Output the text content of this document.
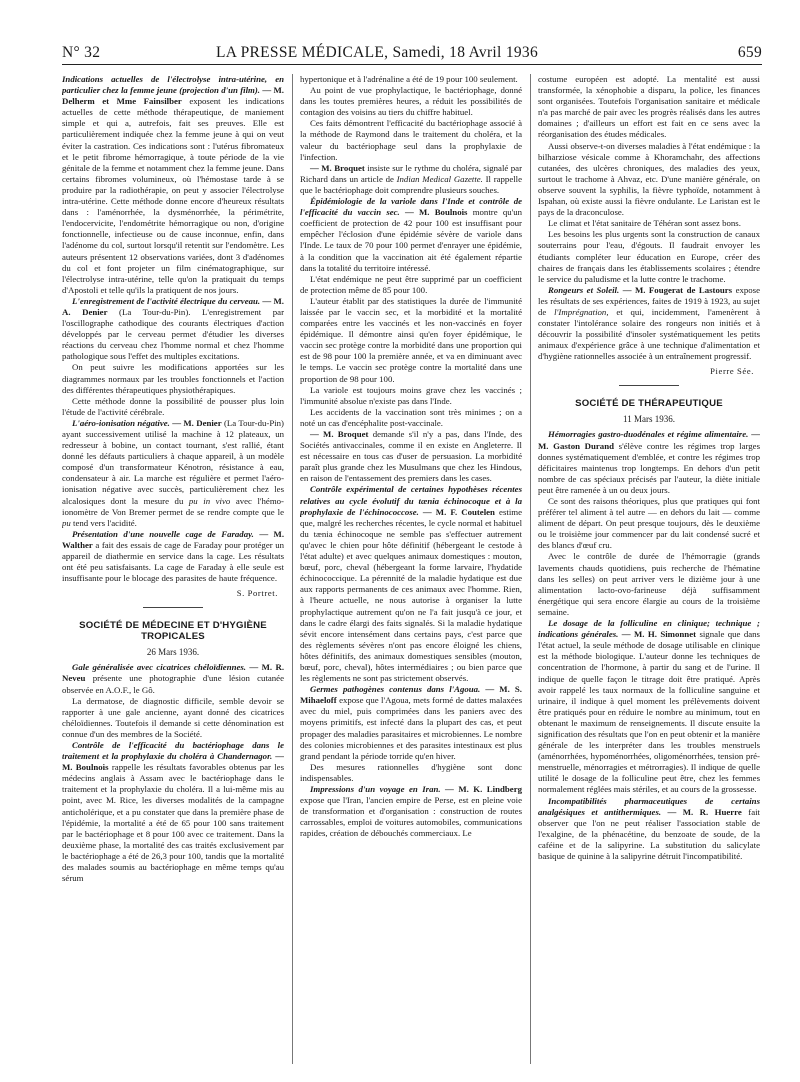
N° 32	LA PRESSE MÉDICALE, Samedi, 18 Avril 1936	659

Indications actuelles de l'électrolyse intra-utérine, en particulier chez la femme jeune (projection d'un film). — M. Delherm et Mme Fainsilber exposent les indications actuelles de cette méthode thérapeutique, de maniement simple et qui a, autrefois, fait ses preuves. Elle est particulièrement indiquée chez la femme jeune à qui on veut éviter la castration. Ces indications sont : l'utérus fibromateux et le petit fibrome hémorragique, à toute période de la vie génitale de la femme et notamment chez la femme jeune. Dans certains fibromes volumineux, où l'hémostase tarde à se produire par la radiothérapie, on peut y associer l'électrolyse intra-utérine. Cette méthode donne encore d'heureux résultats dans : l'aménorrhée, la dysménorrhée, la périmétrite, l'endocervicite, l'endométrite hémorragique ou non, d'origine fonctionnelle, infectieuse ou de cause inconnue, enfin, dans l'adénome du col, surtout lorsqu'il retentit sur l'endomètre. Les auteurs présentent 12 observations variées, dont 3 d'adénomes du col et font projeter un film cinématographique, sur l'électrolyse intra-utérine, telle qu'on la pratiquait du temps d'Apostoli et telle qu'ils la pratiquent de nos jours.

L'enregistrement de l'activité électrique du cerveau. — M. A. Denier (La Tour-du-Pin). L'enregistrement par l'oscillographe cathodique des courants électriques d'action développés par le cerveau permet d'étudier les diverses réactions du cerveau chez l'homme normal et chez l'homme pathologique sous l'effet des multiples excitations.

On peut suivre les modifications apportées sur les diagrammes normaux par les troubles fonctionnels et l'action des différentes thérapeutiques physiothérapiques.

Cette méthode donne la possibilité de pousser plus loin l'étude de l'activité cérébrale.

L'aéro-ionisation négative. — M. Denier (La Tour-du-Pin) ayant successivement utilisé la machine à 12 plateaux, un redresseur à bobine, un contact tournant, s'est rallié, étant donné les défauts particuliers à chaque appareil, à un modèle composé d'un transformateur Kénotron, résistance à eau, condensateur à air. La marche est régulière et permet l'aéro-ionisation négative avec succès, particulièrement chez les alcalosiques dont la mesure du pu in vivo avec l'hémo-ionomètre de Von Bremer permet de se rendre compte que le pu tend vers l'acidité.

Présentation d'une nouvelle cage de Faraday. — M. Walther a fait des essais de cage de Faraday pour protéger un appareil de diathermie en service dans la cage. Les résultats ont été peu satisfaisants. La cage de Faraday à elle seule est insuffisante pour le blocage des parasites de haute fréquence.

S. Portret.
SOCIÉTÉ DE MÉDECINE ET D'HYGIÈNE TROPICALES
26 Mars 1936.

Gale généralisée avec cicatrices chéloïdiennes. — M. R. Neveu présente une photographie d'une lésion cutanée observée en A.O.F., le Gô.

La dermatose, de diagnostic difficile, semble devoir se rapporter à une gale ancienne, ayant donné des cicatrices chéloïdiennes. Toutefois il demande si cette dénomination est connue d'un des membres de la Société.

Contrôle de l'efficacité du bactériophage dans le traitement et la prophylaxie du choléra à Chandernagor. — M. Boulnois rappelle les résultats favorables obtenus par les médecins anglais à Assam avec le bactériophage dans le traitement et la prophylaxie du choléra. Il a lui-même mis au point, avec M. Rice, les diverses modalités de la campagne anticholérique, et a pu constater que dans la première phase de l'épidémie, la mortalité a été de 65 pour 100 sans traitement par le bactériophage et 8 pour 100 avec ce traitement. Dans la deuxième phase, la mortalité des cas traités exclusivement par le bactériophage a été de 26,3 pour 100, tandis que la mortalité des malades soumis au bactériophage en même temps qu'au sérum

hypertonique et à l'adrénaline a été de 19 pour 100 seulement.

Au point de vue prophylactique, le bactériophage, donné dans les toutes premières heures, a réduit les possibilités de contagion des voisins au tiers du chiffre habituel.

Ces faits démontrent l'efficacité du bactériophage associé à la méthode de Raymond dans le traitement du choléra, et la valeur du bactériophage seul dans la prophylaxie de l'infection.

— M. Broquet insiste sur le rythme du choléra, signalé par Richard dans un article de Indian Medical Gazette. Il rappelle que le bactériophage doit comprendre plusieurs souches.

Épidémiologie de la variole dans l'Inde et contrôle de l'efficacité du vaccin sec. — M. Boulnois montre qu'un coefficient de protection de 42 pour 100 est insuffisant pour empêcher l'éclosion d'une épidémie sévère de variole dans l'Inde. Le taux de 70 pour 100 permet d'enrayer une épidémie, à la condition que la vaccination ait été également répartie dans la totalité du territoire intéressé.

L'état endémique ne peut être supprimé par un coefficient de protection même de 85 pour 100.

L'auteur établit par des statistiques la durée de l'immunité laissée par le vaccin sec, et la morbidité et la mortalité comparées entre les vaccinés et les non-vaccinés en foyer épidémique. Il démontre ainsi qu'en foyer épidémique, le vaccin sec protège contre la morbidité dans une proportion qui est de 98 pour 100 la première année, et va en diminuant avec le temps. Le vaccin sec protège contre la mortalité dans une proportion de 98 pour 100.

La variole est toujours moins grave chez les vaccinés ; l'immunité absolue n'existe pas dans l'Inde.

Les accidents de la vaccination sont très minimes ; on a noté un cas d'encéphalite post-vaccinale.

— M. Broquet demande s'il n'y a pas, dans l'Inde, des Sociétés antivaccinales, comme il en existe en Angleterre. Il est nécessaire en tous cas d'user de persuasion. La morbidité paraît plus grande chez les Musulmans que chez les Hindous, en raison de l'entassement des premiers dans les cases.

Contrôle expérimental de certaines hypothèses récentes relatives au cycle évolutif du tænia échinocoque et à la prophylaxie de l'échinococcose. — M. F. Coutelen estime que, malgré les recherches récentes, le cycle normal et habituel du tænia échinocoque ne semble pas s'effectuer autrement qu'avec le chien pour hôte définitif (hébergeant le cestode à l'état adulte) et avec quelques animaux domestiques : mouton, bœuf, porc, cheval (hébergeant la forme larvaire, l'hydatide échinococcique. La pérennité de la maladie hydatique est due aux rapports permanents de ces animaux avec l'homme. Rien, à l'heure actuelle, ne nous autorise à organiser la lutte prophylactique autrement qu'on ne l'a fait jusqu'à ce jour, et dans le cadre élargi des faits signalés. Si la maladie hydatique sévit encore intensément dans certains pays, c'est parce que des règlements sévères n'ont pas encore éloigné les chiens, hôtes définitifs, des animaux domestiques sensibles (mouton, bœuf, porc, cheval), hôtes intermédiaires ; ou bien parce que les règlements ne sont pas strictement observés.

Germes pathogènes contenus dans l'Agoua. — M. S. Mihaeloff expose que l'Agoua, mets formé de dattes malaxées avec du miel, puis comprimées dans les paniers avec des moyens primitifs, est infecté dans la plupart des cas, et peut propager des maladies parasitaires et microbiennes. Le nombre des colonies microbiennes et des parasites intestinaux est plus grand pendant la période torride qu'en hiver.

Des mesures rationnelles d'hygiène sont donc indispensables.

Impressions d'un voyage en Iran. — M. K. Lindberg expose que l'Iran, l'ancien empire de Perse, est en pleine voie de transformation et d'organisation : construction de routes carrossables, emploi de voitures automobiles, communications rapides, création de débouchés commerciaux. Le

costume européen est adopté. La mentalité est aussi transformée, la xénophobie a disparu, la police, les finances sont organisées. Toutefois l'organisation sanitaire et médicale n'a pas marché de pair avec les progrès réalisés dans les autres domaines ; d'ailleurs un effort est fait en ce sens avec la réorganisation des études médicales.

Aussi observe-t-on diverses maladies à l'état endémique : la bilharziose vésicale comme à Khoramchahr, des affections cutanées, des ulcères chroniques, des maladies des yeux, surtout le trachome à Ahvaz, etc. D'une manière générale, on observe souvent la syphilis, la fièvre typhoïde, notamment à Ispahan, où existe aussi la fièvre ondulante. Le Laristan est le pays de la draconculose.

Le climat et l'état sanitaire de Téhéran sont assez bons.

Les besoins les plus urgents sont la construction de canaux souterrains pour l'eau, d'égouts. Il faudrait envoyer les étudiants compléter leur éducation en Europe, créer des chaires de français dans les établissements scolaires ; étendre le service du paludisme et la lutte contre le trachome.

Rongeurs et Soleil. — M. Fougerat de Lastours expose les résultats de ses expériences, faites de 1919 à 1923, au sujet de l'Imprégnation, et qui, incidemment, l'amenèrent à constater l'intolérance solaire des rongeurs non initiés et à découvrir la possibilité d'insoler systématiquement les petits animaux d'expérience grâce à une technique d'alimentation et d'hygiène rationnelles associée à un entraînement progressif.

Pierre Sée.
SOCIÉTÉ DE THÉRAPEUTIQUE
11 Mars 1936.

Hémorragies gastro-duodénales et régime alimentaire. — M. Gaston Durand s'élève contre les régimes trop larges donnes systématiquement d'emblée, et contre les régimes trop déficitaires maintenus trop longtemps. En dehors d'un petit nombre de cas spéciaux précisés par l'auteur, la diète initiale peut être ramenée à un ou deux jours.

Ce sont des raisons théoriques, plus que pratiques qui font préférer tel aliment à tel autre — en dehors du lait — comme aliment de départ. On peut presque toujours, dès le deuxième ou le troisième jour commencer par du lait condensé sucré et des blancs d'œuf cru.

Avec le contrôle de durée de l'hémorragie (grands lavements chauds quotidiens, puis recherche de l'hématine dans les selles) on peut arriver vers le dizième jour à une alimentation lacto-ovo-farineuse déjà suffisamment énergétique qui sera encore élargie au cours de la troisième semaine.

Le dosage de la folliculine en clinique; technique ; indications générales. — M. H. Simonnet signale que dans l'état actuel, la seule méthode de dosage utilisable en clinique est la méthode biologique. L'auteur donne les techniques de concentration de l'hormone, à partir du sang et de l'urine. Il indique de quelle façon le titrage doit être pratiqué. Après avoir rappelé les taux normaux de la folliculine sanguine et urinaire, il indique à quel moment les prélèvements doivent être pratiqués pour en réduire le nombre au minimum, tout en obtenant le maximum de renseignements. Il discute ensuite la signification des résultats que l'on en peut obtenir et la manière générale de les interpréter dans les troubles menstruels (aménorrhées, hypoménorrhées, oligoménorrhées, tension pré-menstruelle, ménorragies et métrorragies). Il indique de quelle utilité le dosage de la folliculine peut être, chez les femmes normalement réglées mais stériles, et au cours de la grossesse.

Incompatibilités pharmaceutiques de certains analgésiques et antithermiques. — M. R. Huerre fait observer que l'on ne peut réaliser l'association stable de l'exalgine, de la phénacétine, du benzoate de soude, de la caféine et de la salipyrine. La substitution du salicylate basique de quinine à la salipyrine détruit l'incompatibilité.
